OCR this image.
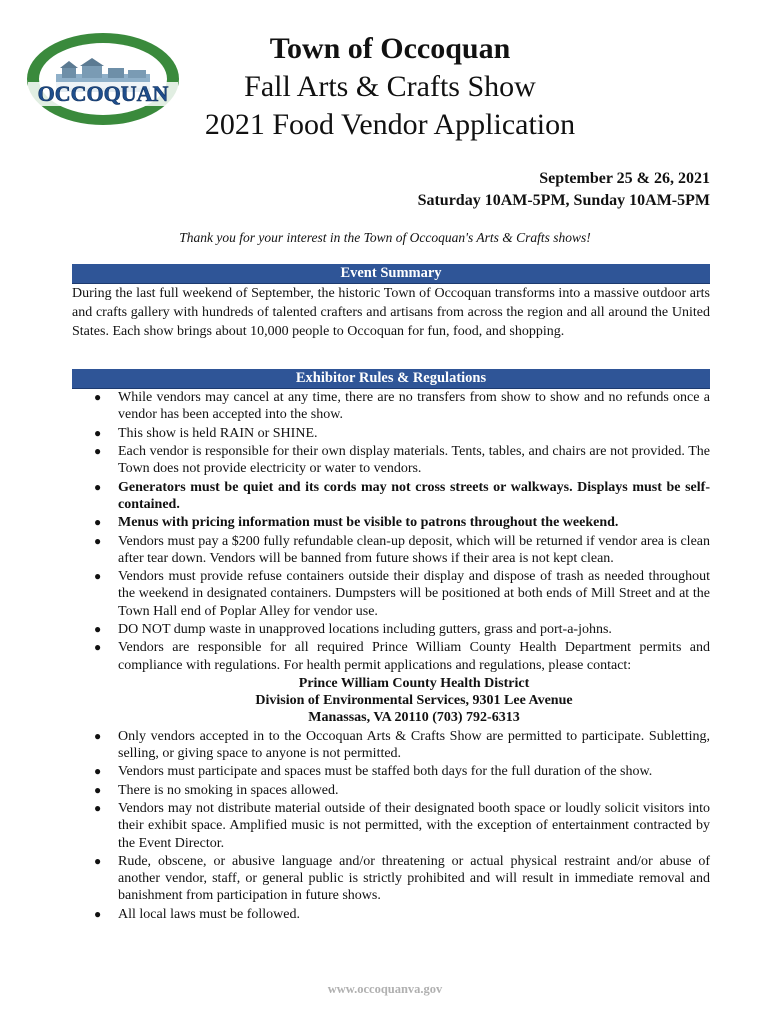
AUTHENTIC
OCCOQUAN
Town of Occoquan
Fall Arts & Crafts Show
2021 Food Vendor Application
September 25 & 26, 2021
Saturday 10AM-5PM, Sunday 10AM-5PM
Thank you for your interest in the Town of Occoquan's Arts & Crafts shows!
Event Summary
During the last full weekend of September, the historic Town of Occoquan transforms into a massive outdoor arts and crafts gallery with hundreds of talented crafters and artisans from across the region and all around the United States. Each show brings about 10,000 people to Occoquan for fun, food, and shopping.
Exhibitor Rules & Regulations
● While vendors may cancel at any time, there are no transfers from show to show and no refunds once a vendor has been accepted into the show.
● This show is held RAIN or SHINE.
● Each vendor is responsible for their own display materials. Tents, tables, and chairs are not provided. The Town does not provide electricity or water to vendors.
● Generators must be quiet and its cords may not cross streets or walkways. Displays must be self-contained.
● Menus with pricing information must be visible to patrons throughout the weekend.
● Vendors must pay a $200 fully refundable clean-up deposit, which will be returned if vendor area is clean after tear down. Vendors will be banned from future shows if their area is not kept clean.
● Vendors must provide refuse containers outside their display and dispose of trash as needed throughout the weekend in designated containers. Dumpsters will be positioned at both ends of Mill Street and at the Town Hall end of Poplar Alley for vendor use.
● DO NOT dump waste in unapproved locations including gutters, grass and port-a-johns.
● Vendors are responsible for all required Prince William County Health Department permits and compliance with regulations. For health permit applications and regulations, please contact:
Prince William County Health District
Division of Environmental Services, 9301 Lee Avenue
Manassas, VA 20110 (703) 792-6313
● Only vendors accepted in to the Occoquan Arts & Crafts Show are permitted to participate. Subletting, selling, or giving space to anyone is not permitted.
● Vendors must participate and spaces must be staffed both days for the full duration of the show.
● There is no smoking in spaces allowed.
● Vendors may not distribute material outside of their designated booth space or loudly solicit visitors into their exhibit space. Amplified music is not permitted, with the exception of entertainment contracted by the Event Director.
● Rude, obscene, or abusive language and/or threatening or actual physical restraint and/or abuse of another vendor, staff, or general public is strictly prohibited and will result in immediate removal and banishment from participation in future shows.
● All local laws must be followed.
www.occoquanva.gov
